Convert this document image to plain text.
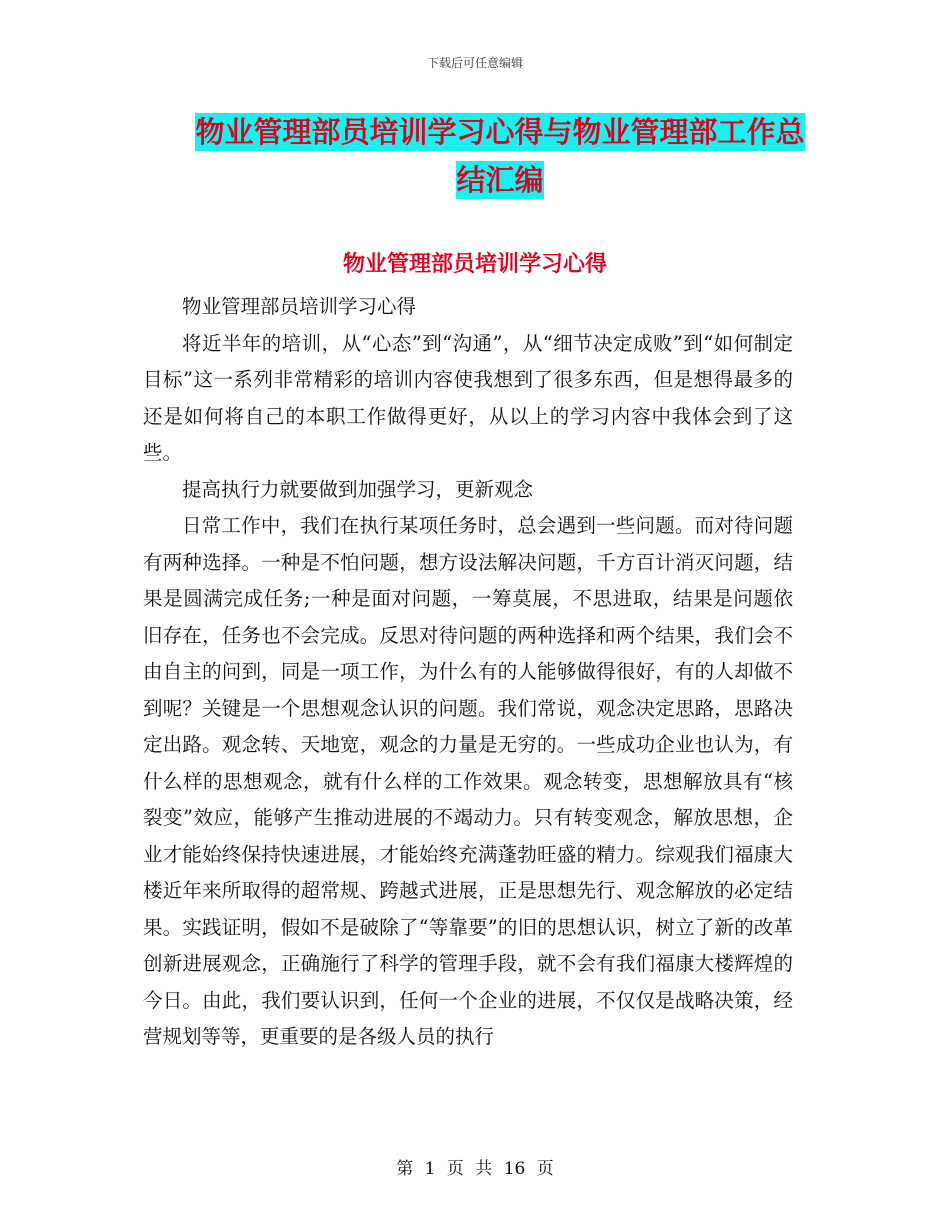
下载后可任意编辑
物业管理部员培训学习心得与物业管理部工作总结汇编
物业管理部员培训学习心得

物业管理部员培训学习心得

将近半年的培训，从“心态”到“沟通”，从“细节决定成败”到“如何制定目标”这一系列非常精彩的培训内容使我想到了很多东西，但是想得最多的还是如何将自己的本职工作做得更好，从以上的学习内容中我体会到了这些。

提高执行力就要做到加强学习，更新观念

日常工作中，我们在执行某项任务时，总会遇到一些问题。而对待问题有两种选择。一种是不怕问题，想方设法解决问题，千方百计消灭问题，结果是圆满完成任务;一种是面对问题，一筹莫展，不思进取，结果是问题依旧存在，任务也不会完成。反思对待问题的两种选择和两个结果，我们会不由自主的问到，同是一项工作，为什么有的人能够做得很好，有的人却做不到呢？关键是一个思想观念认识的问题。我们常说，观念决定思路，思路决定出路。观念转、天地宽，观念的力量是无穷的。一些成功企业也认为，有什么样的思想观念，就有什么样的工作效果。观念转变，思想解放具有“核裂变”效应，能够产生推动进展的不竭动力。只有转变观念，解放思想，企业才能始终保持快速进展，才能始终充满蓬勃旺盛的精力。综观我们福康大楼近年来所取得的超常规、跨越式进展，正是思想先行、观念解放的必定结果。实践证明，假如不是破除了“等靠要”的旧的思想认识，树立了新的改革创新进展观念，正确施行了科学的管理手段，就不会有我们福康大楼辉煌的今日。由此，我们要认识到，任何一个企业的进展，不仅仅是战略决策，经营规划等等，更重要的是各级人员的执行

第 1 页 共 16 页
